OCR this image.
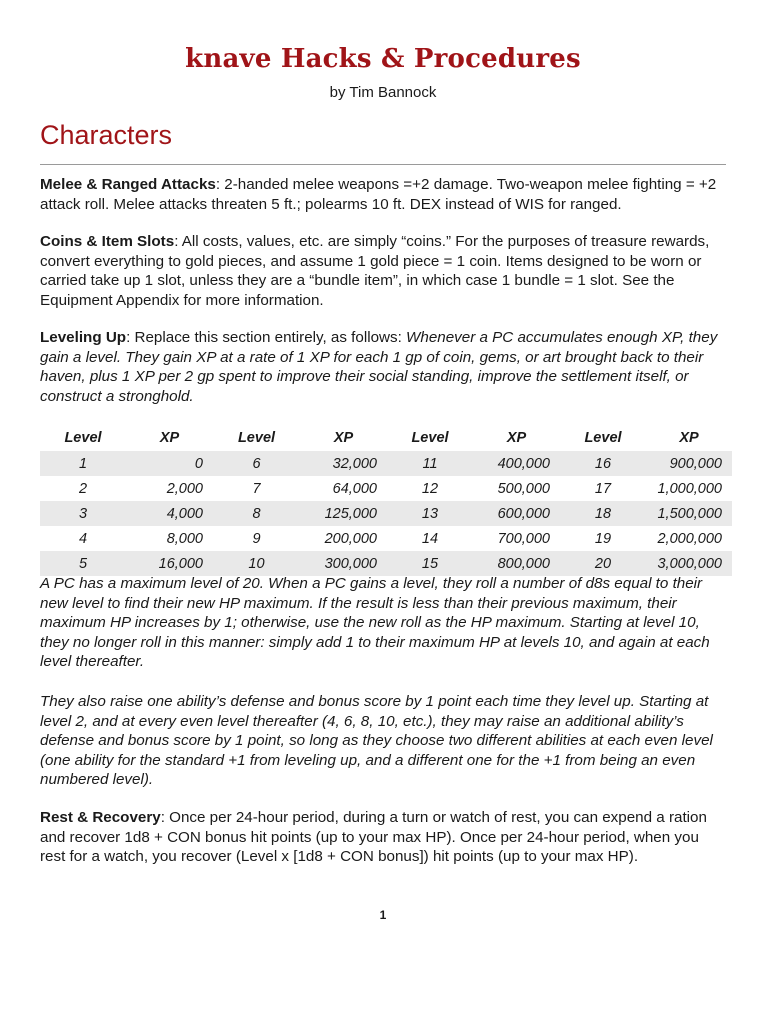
knave Hacks & Procedures
by Tim Bannock
Characters

Melee & Ranged Attacks: 2-handed melee weapons =+2 damage. Two-weapon melee fighting = +2 attack roll. Melee attacks threaten 5 ft.; polearms 10 ft. DEX instead of WIS for ranged.

Coins & Item Slots: All costs, values, etc. are simply “coins.” For the purposes of treasure rewards, convert everything to gold pieces, and assume 1 gold piece = 1 coin. Items designed to be worn or carried take up 1 slot, unless they are a “bundle item”, in which case 1 bundle = 1 slot. See the Equipment Appendix for more information.

Leveling Up: Replace this section entirely, as follows: Whenever a PC accumulates enough XP, they gain a level. They gain XP at a rate of 1 XP for each 1 gp of coin, gems, or art brought back to their haven, plus 1 XP per 2 gp spent to improve their social standing, improve the settlement itself, or construct a stronghold.

Level	XP	Level	XP	Level	XP	Level	XP
1	0	6	32,000	11	400,000	16	900,000
2	2,000	7	64,000	12	500,000	17	1,000,000
3	4,000	8	125,000	13	600,000	18	1,500,000
4	8,000	9	200,000	14	700,000	19	2,000,000
5	16,000	10	300,000	15	800,000	20	3,000,000

A PC has a maximum level of 20. When a PC gains a level, they roll a number of d8s equal to their new level to find their new HP maximum. If the result is less than their previous maximum, their maximum HP increases by 1; otherwise, use the new roll as the HP maximum. Starting at level 10, they no longer roll in this manner: simply add 1 to their maximum HP at levels 10, and again at each level thereafter.

They also raise one ability’s defense and bonus score by 1 point each time they level up. Starting at level 2, and at every even level thereafter (4, 6, 8, 10, etc.), they may raise an additional ability’s defense and bonus score by 1 point, so long as they choose two different abilities at each even level (one ability for the standard +1 from leveling up, and a different one for the +1 from being an even numbered level).

Rest & Recovery: Once per 24-hour period, during a turn or watch of rest, you can expend a ration and recover 1d8 + CON bonus hit points (up to your max HP). Once per 24-hour period, when you rest for a watch, you recover (Level x [1d8 + CON bonus]) hit points (up to your max HP).

1
